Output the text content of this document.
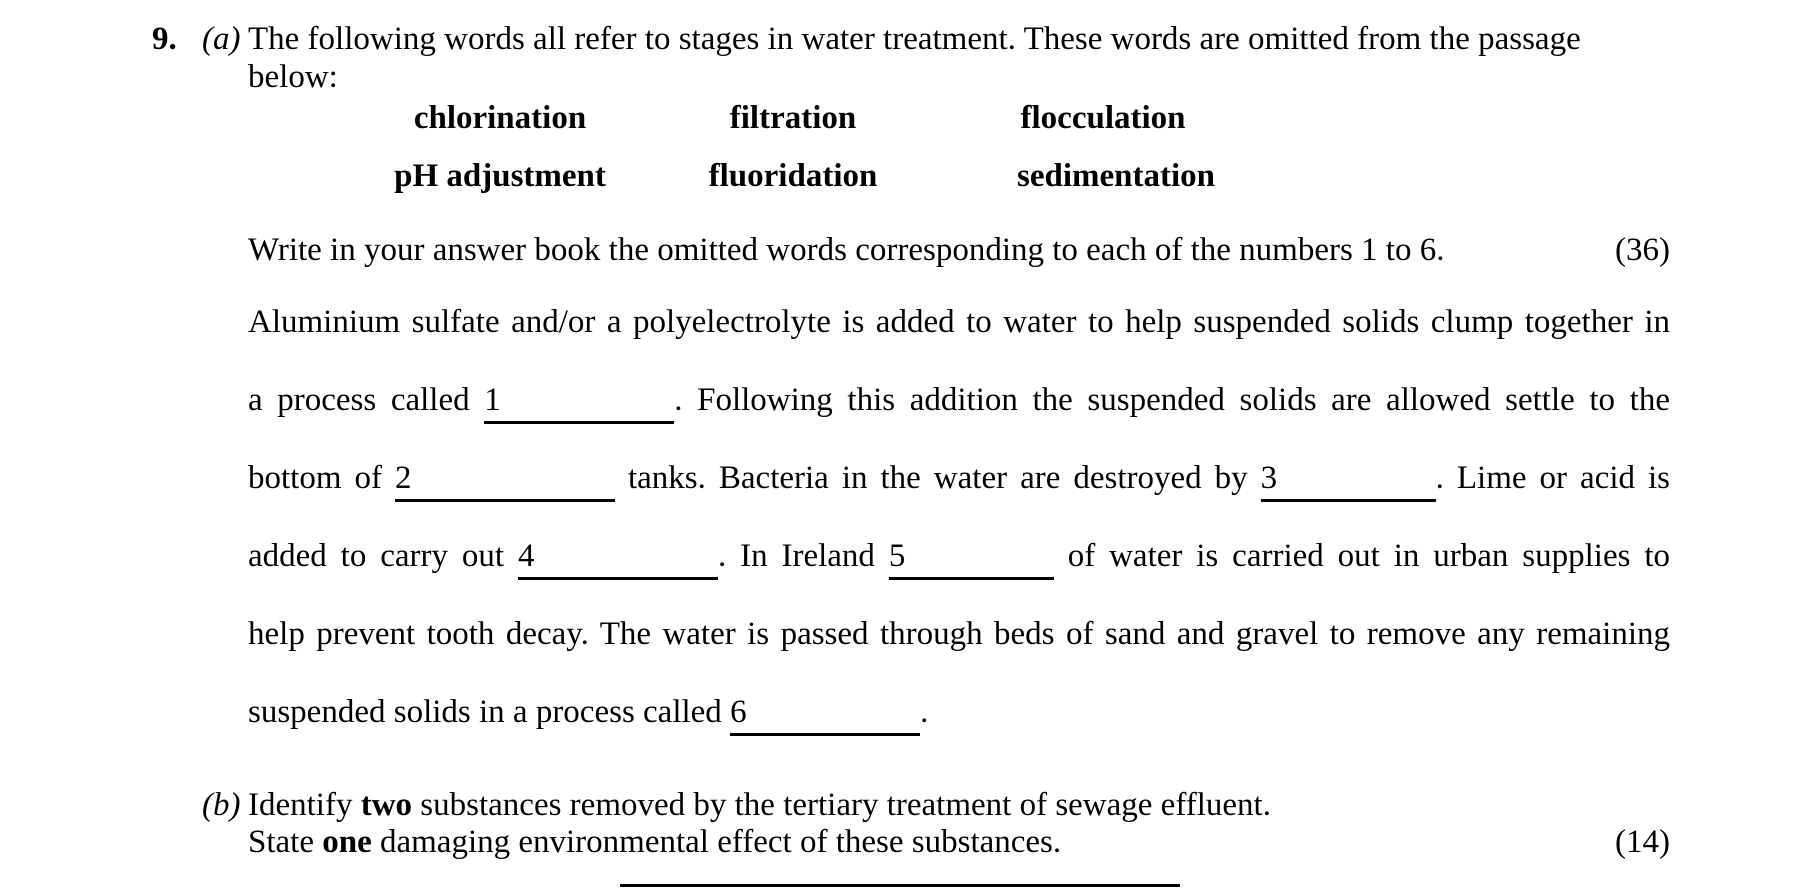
9. (a) The following words all refer to stages in water treatment. These words are omitted from the passage
below:
chlorination	filtration	flocculation
pH adjustment	fluoridation	sedimentation
Write in your answer book the omitted words corresponding to each of the numbers 1 to 6.	(36)
Aluminium sulfate and/or a polyelectrolyte is added to water to help suspended solids clump together in
a process called 1	. Following this addition the suspended solids are allowed settle to the
bottom of 2	tanks. Bacteria in the water are destroyed by 3	. Lime or acid is
added to carry out 4	. In Ireland 5	of water is carried out in urban supplies to
help prevent tooth decay. The water is passed through beds of sand and gravel to remove any remaining
suspended solids in a process called 6	.
(b) Identify two substances removed by the tertiary treatment of sewage effluent.
State one damaging environmental effect of these substances.	(14)
